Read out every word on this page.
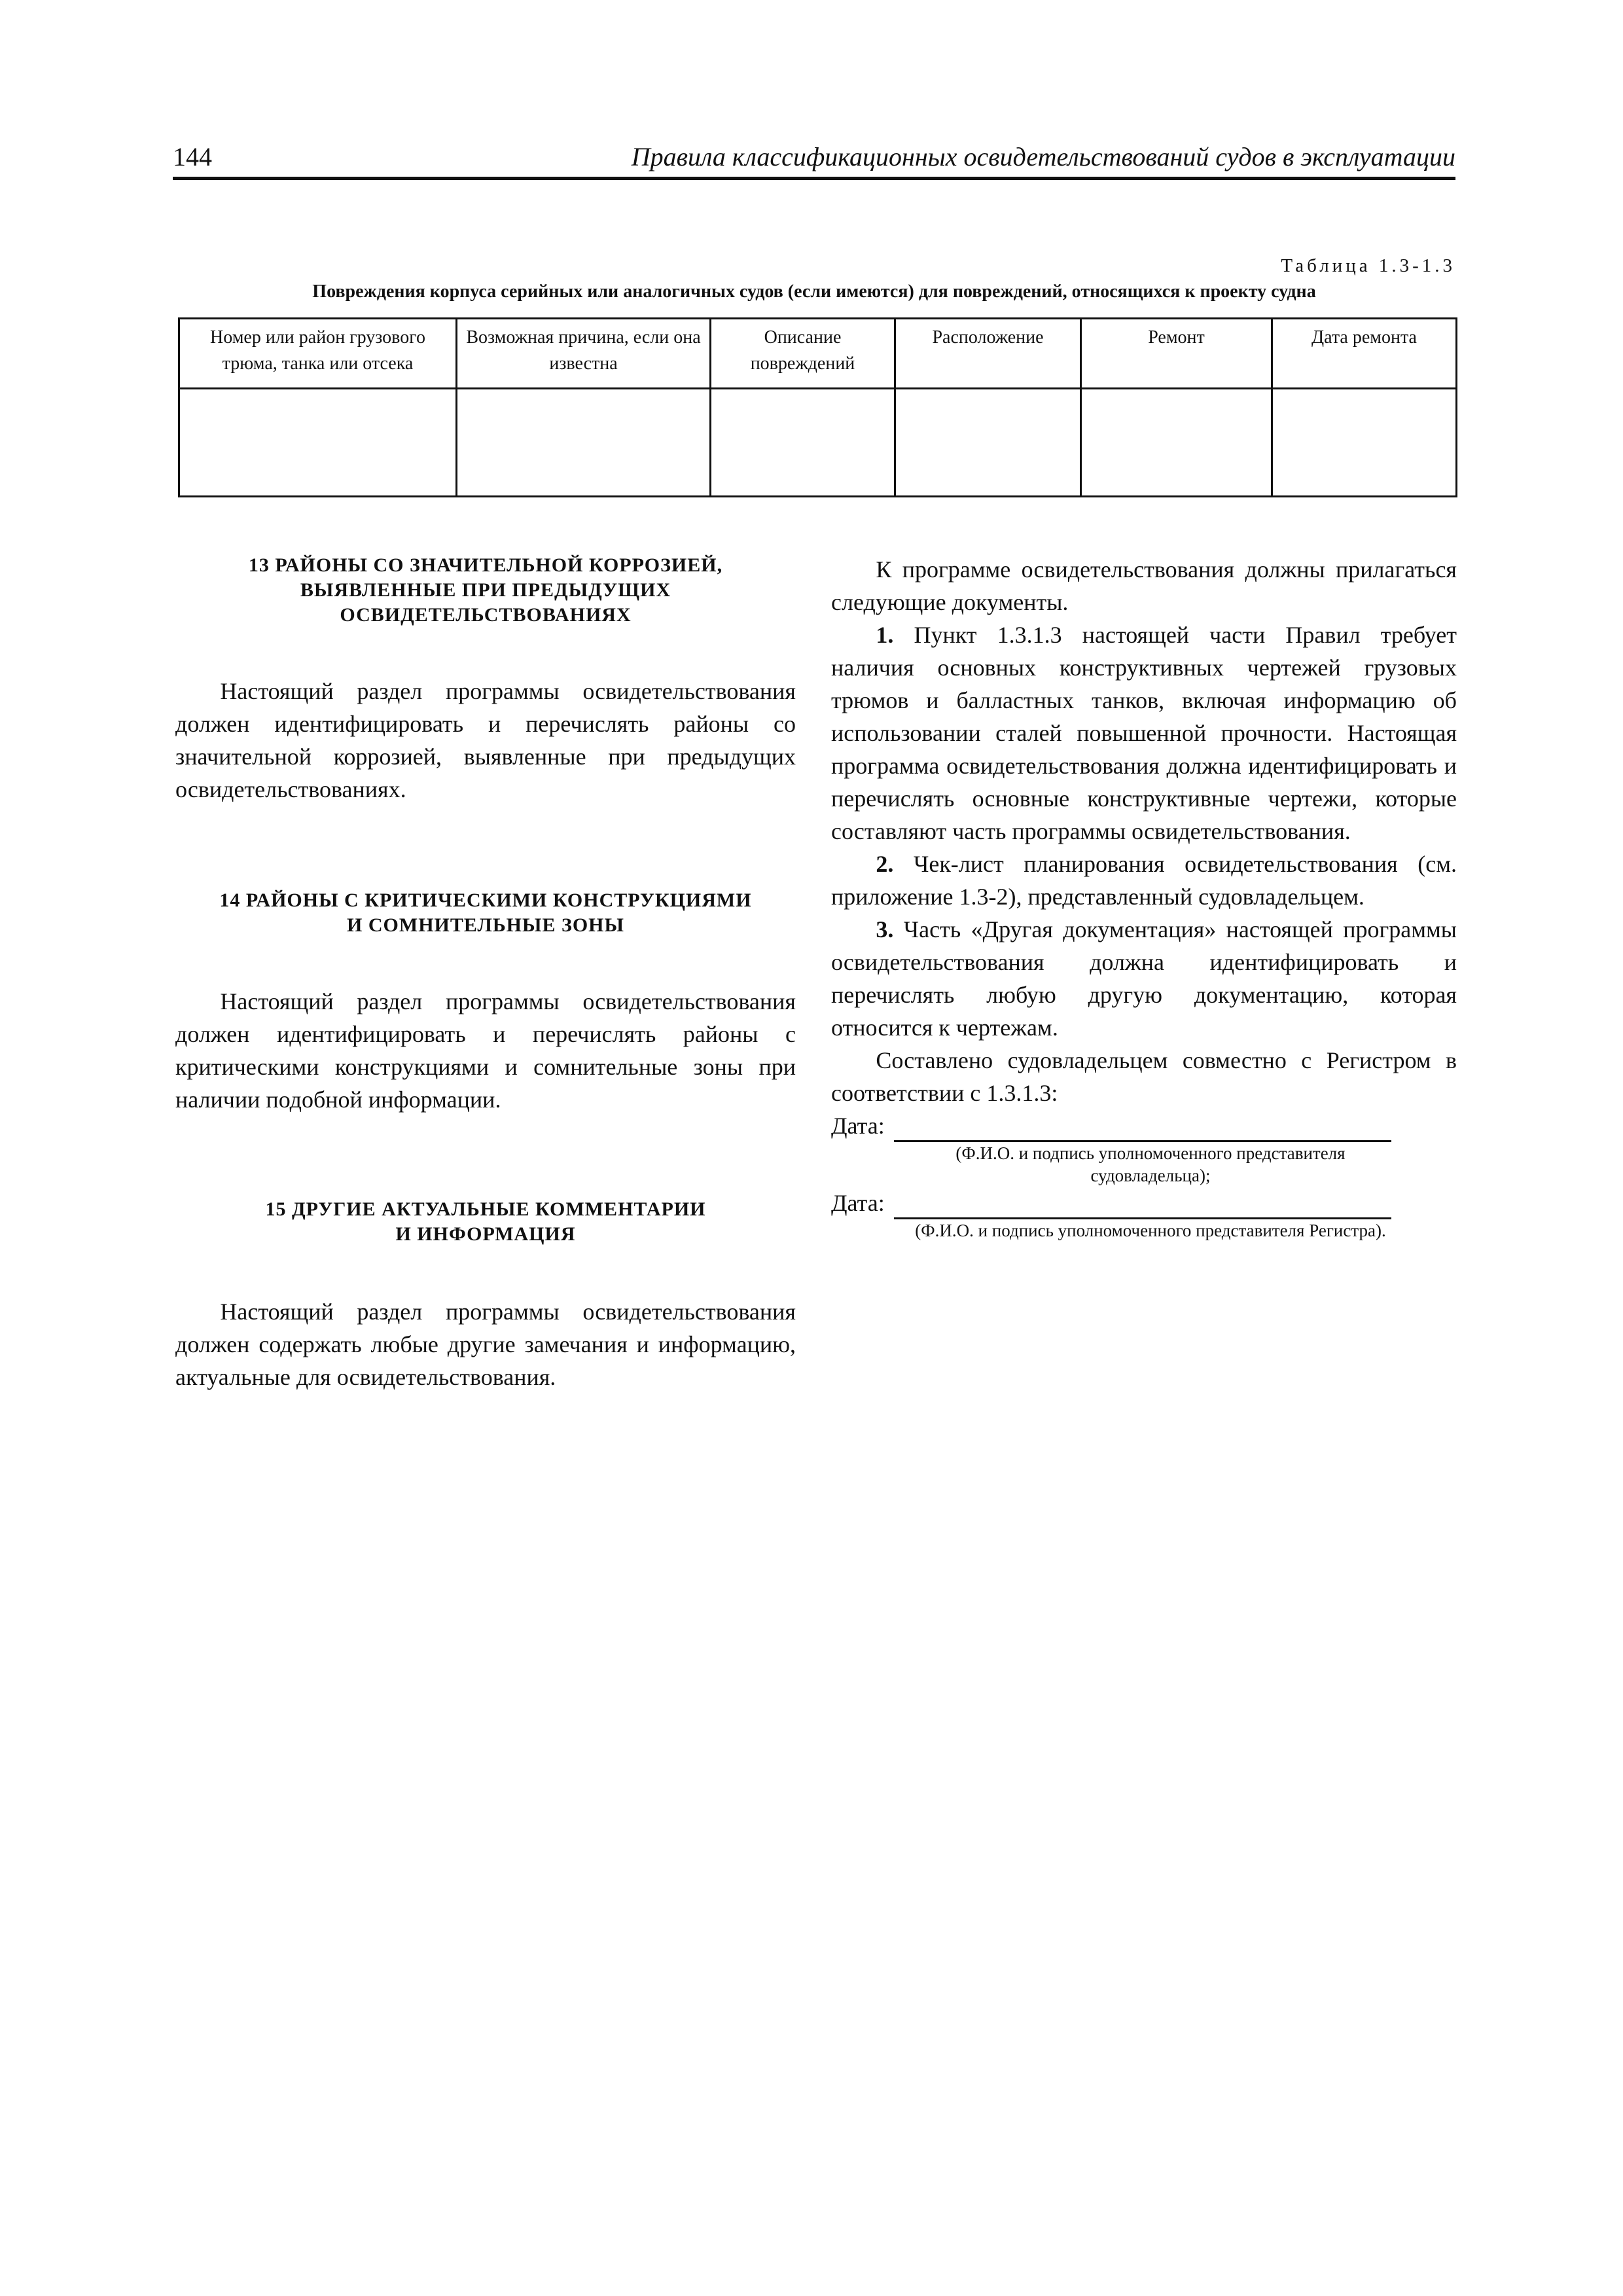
144	Правила классификационных освидетельствований судов в эксплуатации
Таблица 1.3-1.3
Повреждения корпуса серийных или аналогичных судов (если имеются) для повреждений, относящихся к проекту судна
Номер или район грузового трюма, танка или отсека	Возможная причина, если она известна	Описание повреждений	Расположение	Ремонт	Дата ремонта

13 РАЙОНЫ СО ЗНАЧИТЕЛЬНОЙ КОРРОЗИЕЙ,
ВЫЯВЛЕННЫЕ ПРИ ПРЕДЫДУЩИХ
ОСВИДЕТЕЛЬСТВОВАНИЯХ

Настоящий раздел программы освидетельствования должен идентифицировать и перечислять районы со значительной коррозией, выявленные при предыдущих освидетельствованиях.

14 РАЙОНЫ С КРИТИЧЕСКИМИ КОНСТРУКЦИЯМИ
И СОМНИТЕЛЬНЫЕ ЗОНЫ

Настоящий раздел программы освидетельствования должен идентифицировать и перечислять районы с критическими конструкциями и сомнительные зоны при наличии подобной информации.

15 ДРУГИЕ АКТУАЛЬНЫЕ КОММЕНТАРИИ
И ИНФОРМАЦИЯ

Настоящий раздел программы освидетельствования должен содержать любые другие замечания и информацию, актуальные для освидетельствования.

К программе освидетельствования должны прилагаться следующие документы.

1. Пункт 1.3.1.3 настоящей части Правил требует наличия основных конструктивных чертежей грузовых трюмов и балластных танков, включая информацию об использовании сталей повышенной прочности. Настоящая программа освидетельствования должна идентифицировать и перечислять основные конструктивные чертежи, которые составляют часть программы освидетельствования.

2. Чек-лист планирования освидетельствования (см. приложение 1.3-2), представленный судовладельцем.

3. Часть «Другая документация» настоящей программы освидетельствования должна идентифицировать и перечислять любую другую документацию, которая относится к чертежам.

Составлено судовладельцем совместно с Регистром в соответствии с 1.3.1.3:

Дата:
(Ф.И.О. и подпись уполномоченного представителя судовладельца);
Дата:
(Ф.И.О. и подпись уполномоченного представителя Регистра).
